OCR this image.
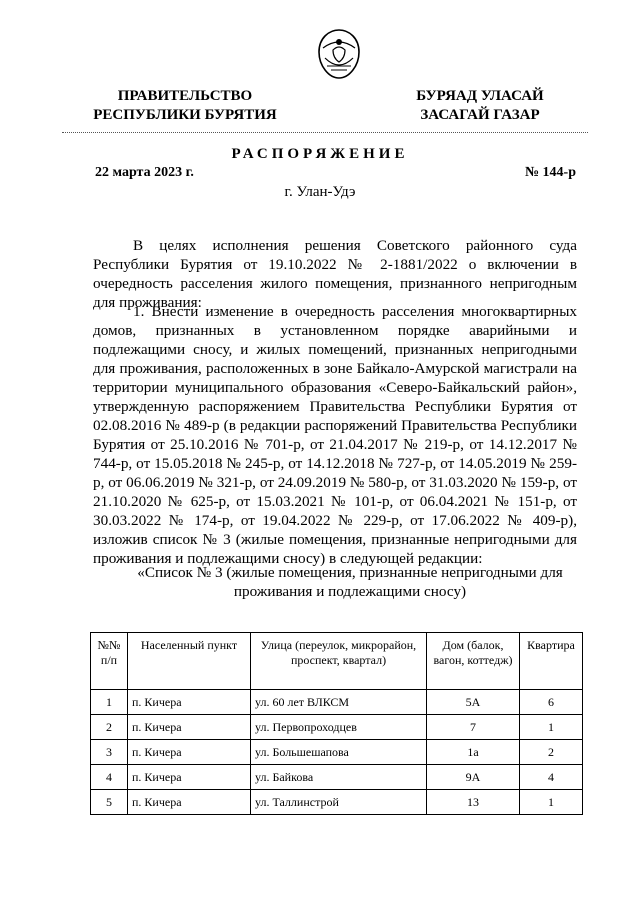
ПРАВИТЕЛЬСТВО
РЕСПУБЛИКИ БУРЯТИЯ
БУРЯАД УЛАСАЙ
ЗАСАГАЙ ГАЗАР
РАСПОРЯЖЕНИЕ
22 марта 2023 г.	№ 144-р
г. Улан-Удэ
В целях исполнения решения Советского районного суда Республики Бурятия от 19.10.2022 № 2-1881/2022 о включении в очередность расселения жилого помещения, признанного непригодным для проживания:
1. Внести изменение в очередность расселения многоквартирных домов, признанных в установленном порядке аварийными и подлежащими сносу, и жилых помещений, признанных непригодными для проживания, расположенных в зоне Байкало-Амурской магистрали на территории муниципального образования «Северо-Байкальский район», утвержденную распоряжением Правительства Республики Бурятия от 02.08.2016 № 489-р (в редакции распоряжений Правительства Республики Бурятия от 25.10.2016 № 701-р, от 21.04.2017 № 219-р, от 14.12.2017 № 744-р, от 15.05.2018 № 245-р, от 14.12.2018 № 727-р, от 14.05.2019 № 259-р, от 06.06.2019 № 321-р, от 24.09.2019 № 580-р, от 31.03.2020 № 159-р, от 21.10.2020 № 625-р, от 15.03.2021 № 101-р, от 06.04.2021 № 151-р, от 30.03.2022 № 174-р, от 19.04.2022 № 229-р, от 17.06.2022 № 409-р), изложив список № 3 (жилые помещения, признанные непригодными для проживания и подлежащими сносу) в следующей редакции:
«Список № 3 (жилые помещения, признанные непригодными для проживания и подлежащими сносу)
№№ п/п	Населенный пункт	Улица (переулок, микрорайон, проспект, квартал)	Дом (балок, вагон, коттедж)	Квартира
1	п. Кичера	ул. 60 лет ВЛКСМ	5А	6
2	п. Кичера	ул. Первопроходцев	7	1
3	п. Кичера	ул. Большешапова	1а	2
4	п. Кичера	ул. Байкова	9А	4
5	п. Кичера	ул. Таллинстрой	13	1
